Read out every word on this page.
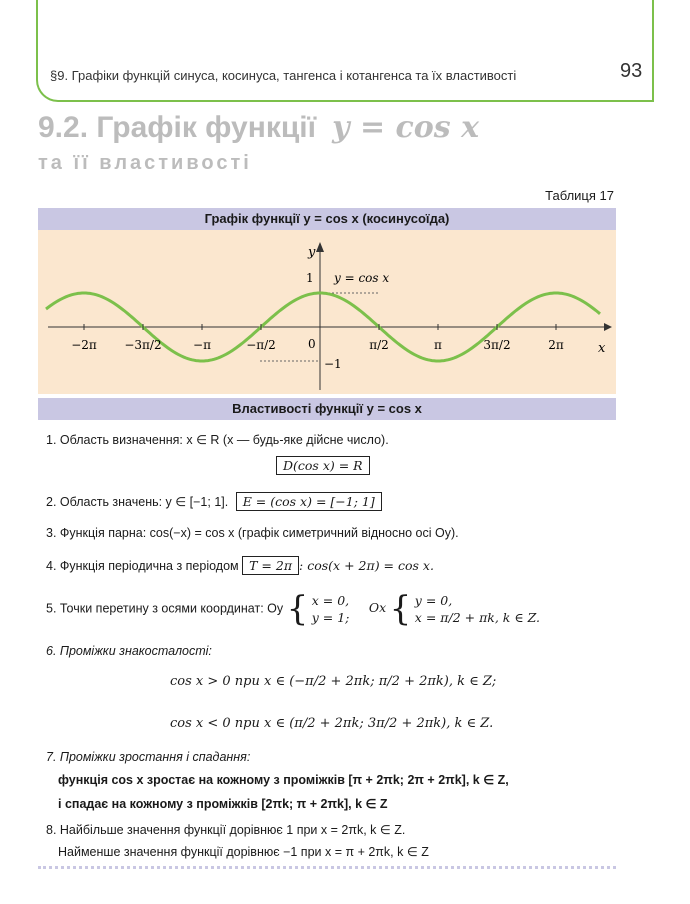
§9. Графіки функцій синуса, косинуса, тангенса і котангенса та їх властивості	93
9.2. Графік функції y = cos x
та її властивості
Таблиця 17
Графік функції y = cos x (косинусоїда)
y
x
y = cos x
1
−1
0
−2π −3π/2	−π	−π/2	π/2	π	3π/2	2π
Властивості функції y = cos x
1. Область визначення: x ∈ R (x — будь-яке дійсне число).
D(cos x) = R
2. Область значень: y ∈ [−1; 1]. E = (cos x) = [−1; 1]
3. Функція парна: cos(−x) = cos x (графік симетричний відносно осі Oy).
4. Функція періодична з періодом T = 2π : cos(x + 2π) = cos x.
5. Точки перетину з осями координат: Oy { x = 0,
y = 1; Ox { y = 0,
x = π/2 + πk, k ∈ Z.
6. Проміжки знакосталості:
cos x > 0 при x ∈ (−π/2 + 2πk; π/2 + 2πk), k ∈ Z;
cos x < 0 при x ∈ (π/2 + 2πk; 3π/2 + 2πk), k ∈ Z.
7. Проміжки зростання і спадання:
функція cos x зростає на кожному з проміжків [π + 2πk; 2π + 2πk], k ∈ Z,
і спадає на кожному з проміжків [2πk; π + 2πk], k ∈ Z
8. Найбільше значення функції дорівнює 1 при x = 2πk, k ∈ Z.
Найменше значення функції дорівнює −1 при x = π + 2πk, k ∈ Z
